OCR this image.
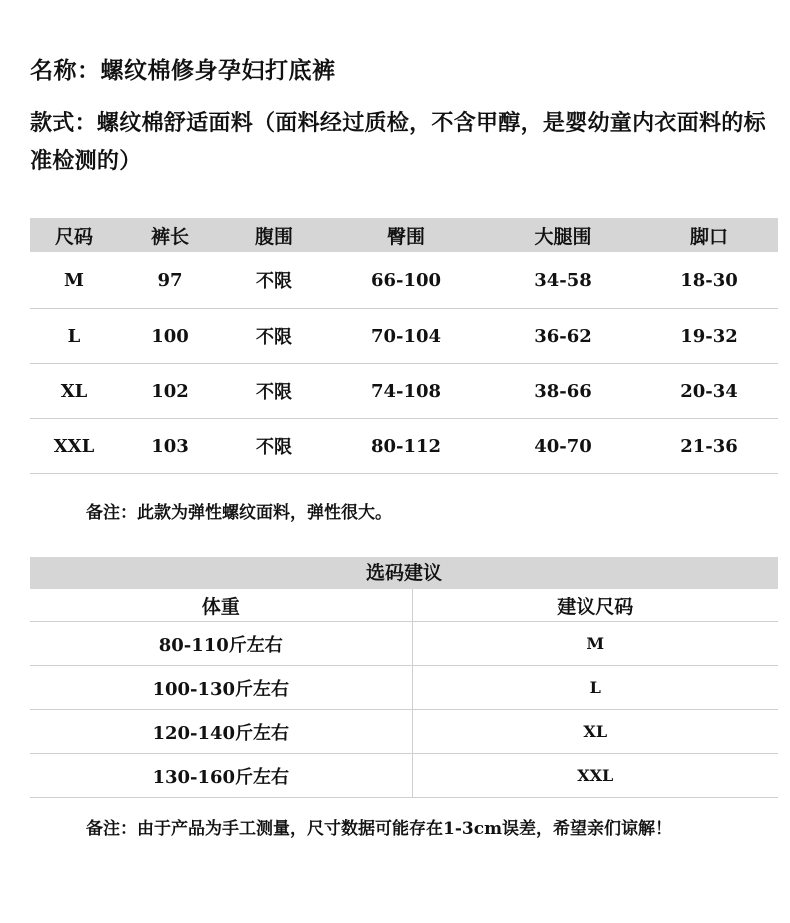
名称：螺纹棉修身孕妇打底裤
款式：螺纹棉舒适面料（面料经过质检，不含甲醇，是婴幼童内衣面料的标准检测的）
尺码	裤长	腹围	臀围	大腿围	脚口
M	97	不限	66-100	34-58	18-30
L	100	不限	70-104	36-62	19-32
XL	102	不限	74-108	38-66	20-34
XXL	103	不限	80-112	40-70	21-36
备注：此款为弹性螺纹面料，弹性很大。
选码建议
体重	建议尺码
80-110斤左右	M
100-130斤左右	L
120-140斤左右	XL
130-160斤左右	XXL
备注：由于产品为手工测量，尺寸数据可能存在1-3cm误差，希望亲们谅解！
